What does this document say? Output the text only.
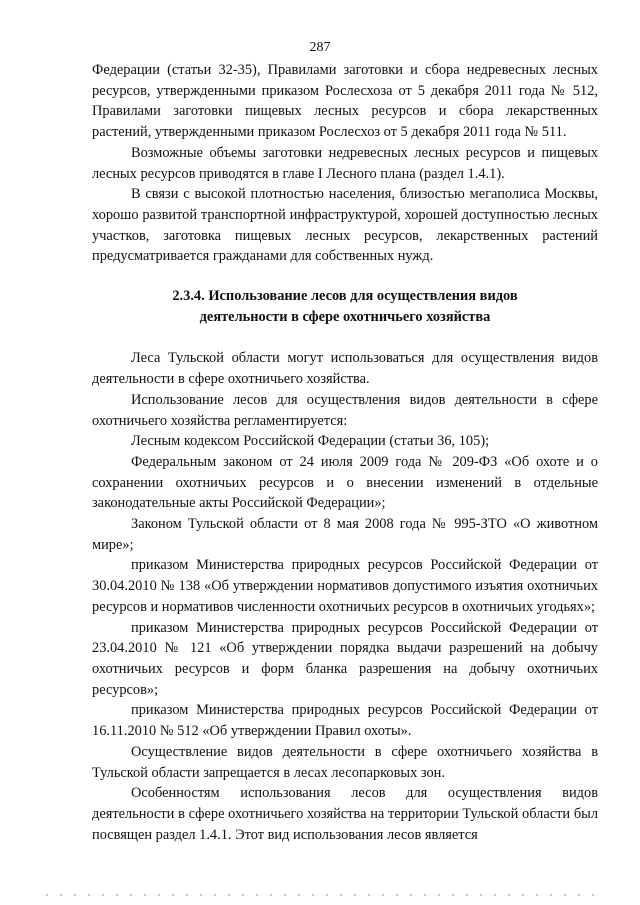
287

Федерации (статьи 32-35), Правилами заготовки и сбора недревесных лесных ресурсов, утвержденными приказом Рослесхоза от 5 декабря 2011 года № 512, Правилами заготовки пищевых лесных ресурсов и сбора лекарственных растений, утвержденными приказом Рослесхоз от 5 декабря 2011 года № 511.

Возможные объемы заготовки недревесных лесных ресурсов и пищевых лесных ресурсов приводятся в главе I Лесного плана (раздел 1.4.1).

В связи с высокой плотностью населения, близостью мегаполиса Москвы, хорошо развитой транспортной инфраструктурой, хорошей доступностью лесных участков, заготовка пищевых лесных ресурсов, лекарственных растений предусматривается гражданами для собственных нужд.

2.3.4. Использование лесов для осуществления видов
деятельности в сфере охотничьего хозяйства

Леса Тульской области могут использоваться для осуществления видов деятельности в сфере охотничьего хозяйства.

Использование лесов для осуществления видов деятельности в сфере охотничьего хозяйства регламентируется:

Лесным кодексом Российской Федерации (статьи 36, 105);

Федеральным законом от 24 июля 2009 года № 209-ФЗ «Об охоте и о сохранении охотничьих ресурсов и о внесении изменений в отдельные законодательные акты Российской Федерации»;

Законом Тульской области от 8 мая 2008 года № 995-ЗТО «О животном мире»;

приказом Министерства природных ресурсов Российской Федерации от 30.04.2010 № 138 «Об утверждении нормативов допустимого изъятия охотничьих ресурсов и нормативов численности охотничьих ресурсов в охотничьих угодьях»;

приказом Министерства природных ресурсов Российской Федерации от 23.04.2010 № 121 «Об утверждении порядка выдачи разрешений на добычу охотничьих ресурсов и форм бланка разрешения на добычу охотничьих ресурсов»;

приказом Министерства природных ресурсов Российской Федерации от 16.11.2010 № 512 «Об утверждении Правил охоты».

Осуществление видов деятельности в сфере охотничьего хозяйства в Тульской области запрещается в лесах лесопарковых зон.

Особенностям использования лесов для осуществления видов деятельности в сфере охотничьего хозяйства на территории Тульской области был посвящен раздел 1.4.1. Этот вид использования лесов является
